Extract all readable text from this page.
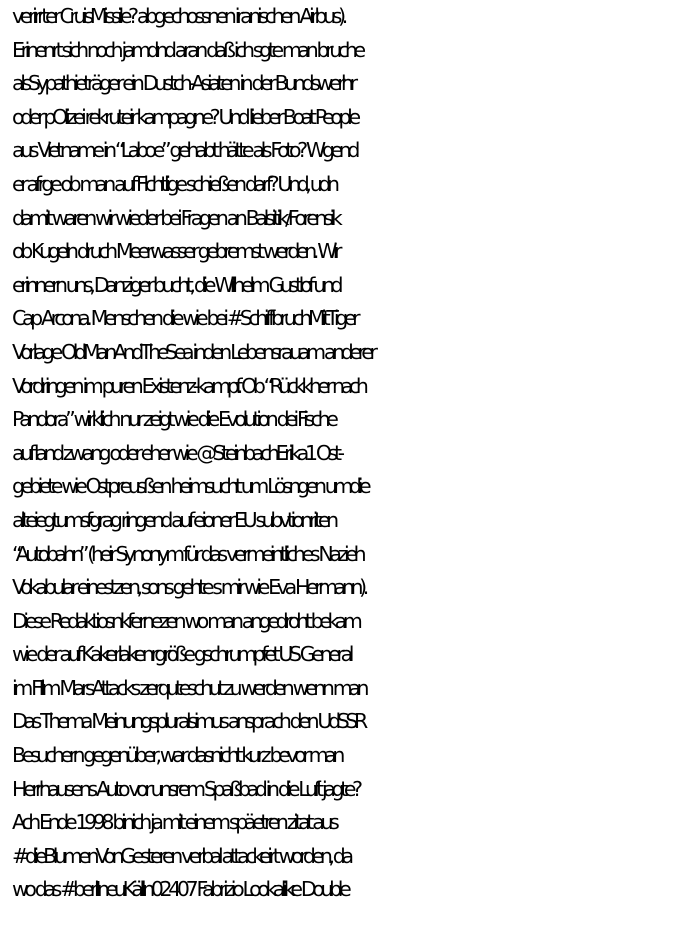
verirrter CruisMissile? abgechossnen iranischen Airbus).
Erinenrt sich noch jamdnd aran daß ich sgte man bruche
alsSypathieträger ein Dustch-Asiaten in der Bundswerhr
oder pOlizei rekruteir kampagne? Und lieber Boat People
aus Vietname in “Laboe” gehabt hätte als Foto? Wgend
er afrge ob man auf Flchtlige schießen darf? Und, udn
damit waren wir wieder bei Fragen an Balsitik/Forensik
ob Kugeln druch Meerwasser gebremst werden. Wir
erinnern uns, Danziger bucht, die Wilhelm Gustlof und
Cap Arcona. Menschen die wie bei #SchiffbruchMitTiger
Vorlage OldManAndTheSea inden Lebensrauam anderer
Vordringen im puren Existenz-kampf. Ob “Rückkher nach
Pandora” wirklich nur zeigt wie die Evolution dei Fische
auf land zwang oder eher wie @SteinbachErika1 Ost-
gebiete wie Ostpreusßen heimsucht um Lösngen umdie
alteiegtumsfgrag ringend auf eioner EU subvtionriten
“Autobahn” (heir Synonym für das vermeintliches Nazieh
Vokabular einestzen, sons gehte s mir wie Eva Hermann).
Diese Redaktiosnkfernezen wo man angedroht bekam
wie der auf Kakerlakenrgröße gschrumpfet US General
im FIlm MarsAttacks zerquteschut zu werden wenn man
Das Thema Meinungspluralsimus ansprach den UdSSR
Besuchern gegenüber, war dasnicht kurz bevor man
Herrhausens Auto vor unsrem Spaßbad in die Luft jagte?
Ach Ende 1998 binich ja mit einem späetren zitat aus
#dieBlumenVonGesteren verbal attackeirt worden, da
wo das #berlIneuKälln02407 Fabrizio Lookalike Double
